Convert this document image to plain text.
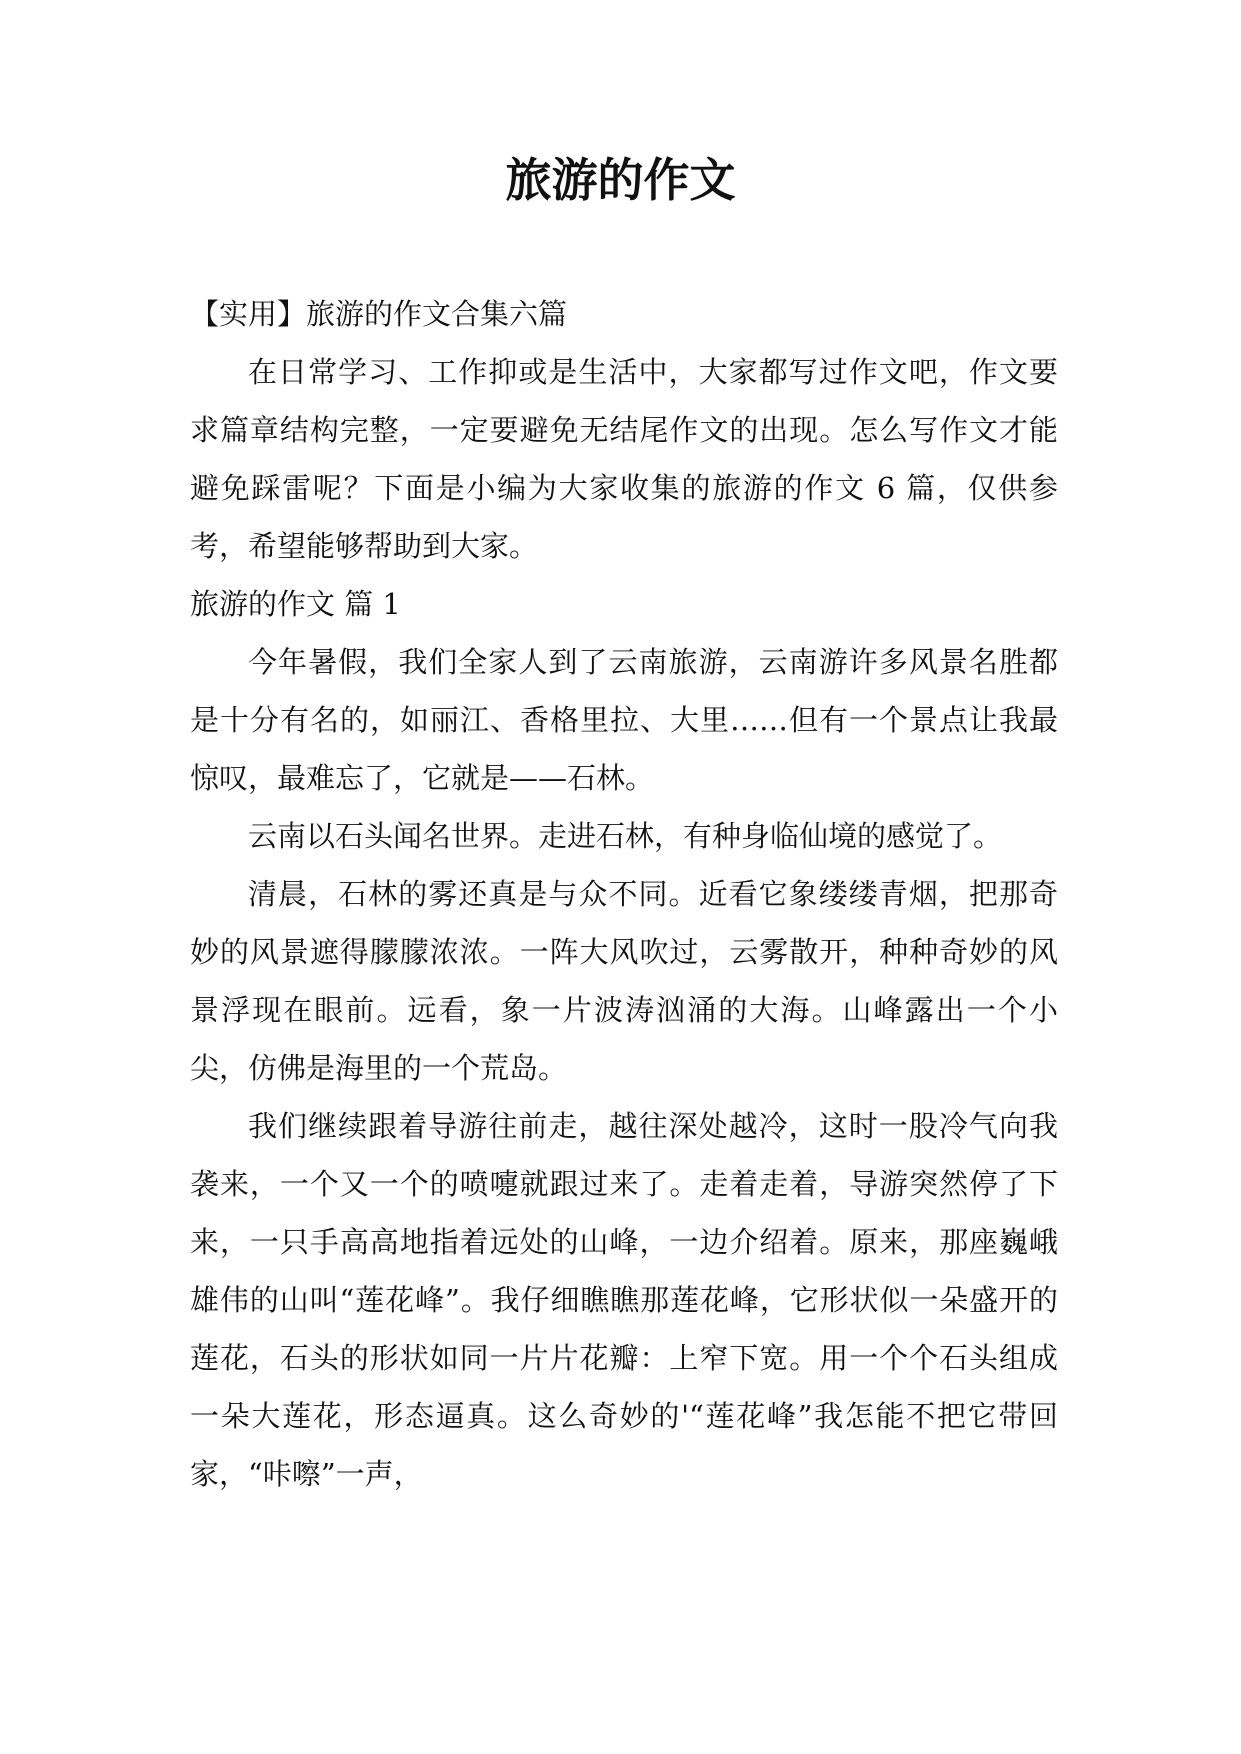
旅游的作文

【实用】旅游的作文合集六篇

在日常学习、工作抑或是生活中，大家都写过作文吧，作文要求篇章结构完整，一定要避免无结尾作文的出现。怎么写作文才能避免踩雷呢？下面是小编为大家收集的旅游的作文 6 篇，仅供参考，希望能够帮助到大家。

旅游的作文 篇 1

今年暑假，我们全家人到了云南旅游，云南游许多风景名胜都是十分有名的，如丽江、香格里拉、大里……但有一个景点让我最惊叹，最难忘了，它就是——石林。

云南以石头闻名世界。走进石林，有种身临仙境的感觉了。

清晨，石林的雾还真是与众不同。近看它象缕缕青烟，把那奇妙的风景遮得朦朦浓浓。一阵大风吹过，云雾散开，种种奇妙的风景浮现在眼前。远看，象一片波涛汹涌的大海。山峰露出一个小尖，仿佛是海里的一个荒岛。

我们继续跟着导游往前走，越往深处越冷，这时一股冷气向我袭来，一个又一个的喷嚏就跟过来了。走着走着，导游突然停了下来，一只手高高地指着远处的山峰，一边介绍着。原来，那座巍峨雄伟的山叫“莲花峰”。我仔细瞧瞧那莲花峰，它形状似一朵盛开的莲花，石头的形状如同一片片花瓣：上窄下宽。用一个个石头组成一朵大莲花，形态逼真。这么奇妙的'“莲花峰”我怎能不把它带回家，“咔嚓”一声，
